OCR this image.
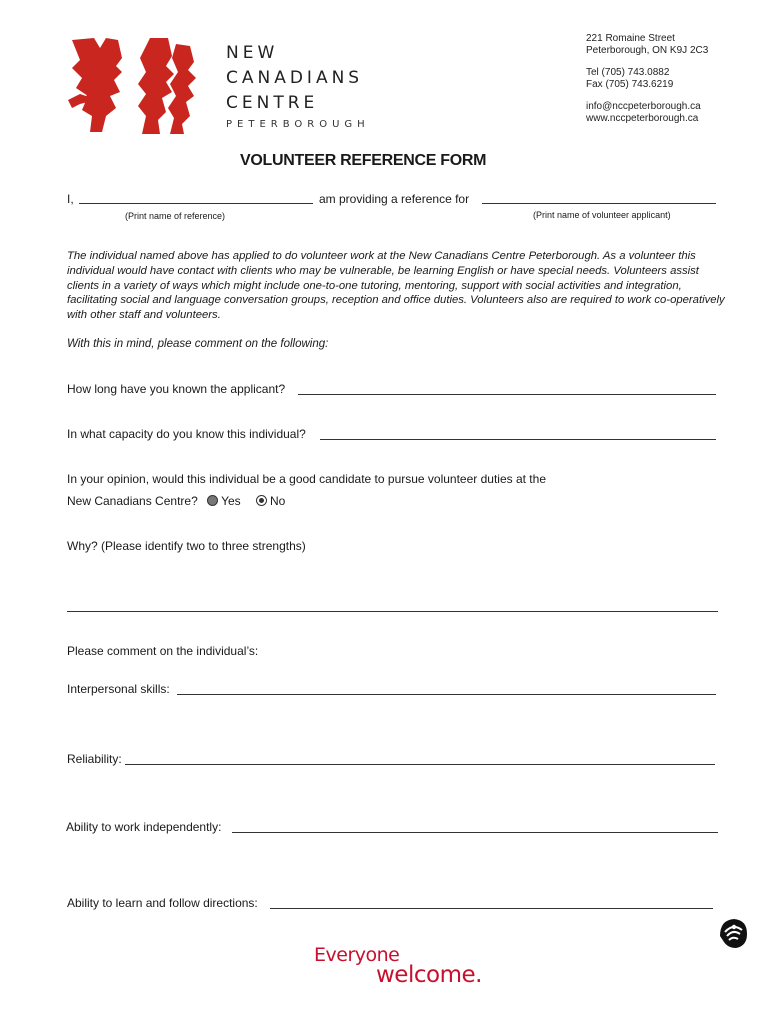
NEW
CANADIANS
CENTRE
PETERBOROUGH
221 Romaine Street
Peterborough, ON K9J 2C3
Tel (705) 743.0882
Fax (705) 743.6219
info@nccpeterborough.ca
www.nccpeterborough.ca
VOLUNTEER REFERENCE FORM
I,	am providing a reference for
(Print name of reference)	(Print name of volunteer applicant)
The individual named above has applied to do volunteer work at the New Canadians Centre Peterborough. As a volunteer this individual would have contact with clients who may be vulnerable, be learning English or have special needs. Volunteers assist clients in a variety of ways which might include one-to-one tutoring, mentoring, support with social activities and integration, facilitating social and language conversation groups, reception and office duties. Volunteers also are required to work co-operatively with other staff and volunteers.
With this in mind, please comment on the following:
How long have you known the applicant?
In what capacity do you know this individual?
In your opinion, would this individual be a good candidate to pursue volunteer duties at the
New Canadians Centre? Yes No
Why? (Please identify two to three strengths)
Please comment on the individual’s:
Interpersonal skills:
Reliability:
Ability to work independently:
Ability to learn and follow directions:
Everyone
welcome.
